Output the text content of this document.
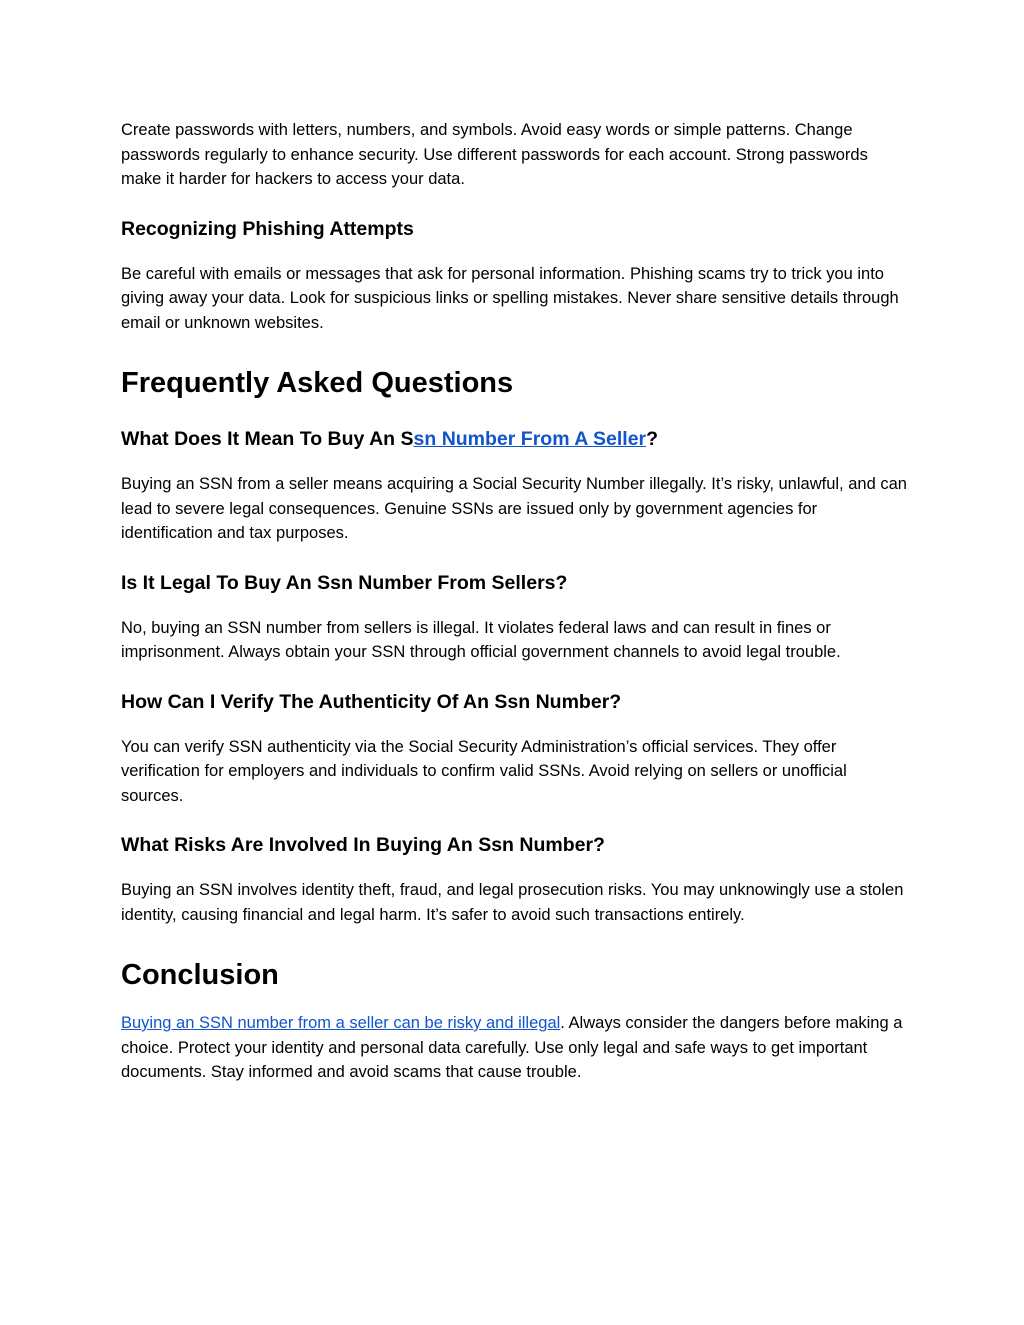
Create passwords with letters, numbers, and symbols. Avoid easy words or simple patterns. Change passwords regularly to enhance security. Use different passwords for each account. Strong passwords make it harder for hackers to access your data.

Recognizing Phishing Attempts

Be careful with emails or messages that ask for personal information. Phishing scams try to trick you into giving away your data. Look for suspicious links or spelling mistakes. Never share sensitive details through email or unknown websites.

Frequently Asked Questions
What Does It Mean To Buy An Ssn Number From A Seller?

Buying an SSN from a seller means acquiring a Social Security Number illegally. It’s risky, unlawful, and can lead to severe legal consequences. Genuine SSNs are issued only by government agencies for identification and tax purposes.

Is It Legal To Buy An Ssn Number From Sellers?

No, buying an SSN number from sellers is illegal. It violates federal laws and can result in fines or imprisonment. Always obtain your SSN through official government channels to avoid legal trouble.

How Can I Verify The Authenticity Of An Ssn Number?

You can verify SSN authenticity via the Social Security Administration’s official services. They offer verification for employers and individuals to confirm valid SSNs. Avoid relying on sellers or unofficial sources.

What Risks Are Involved In Buying An Ssn Number?

Buying an SSN involves identity theft, fraud, and legal prosecution risks. You may unknowingly use a stolen identity, causing financial and legal harm. It’s safer to avoid such transactions entirely.

Conclusion

Buying an SSN number from a seller can be risky and illegal. Always consider the dangers before making a choice. Protect your identity and personal data carefully. Use only legal and safe ways to get important documents. Stay informed and avoid scams that cause trouble.
